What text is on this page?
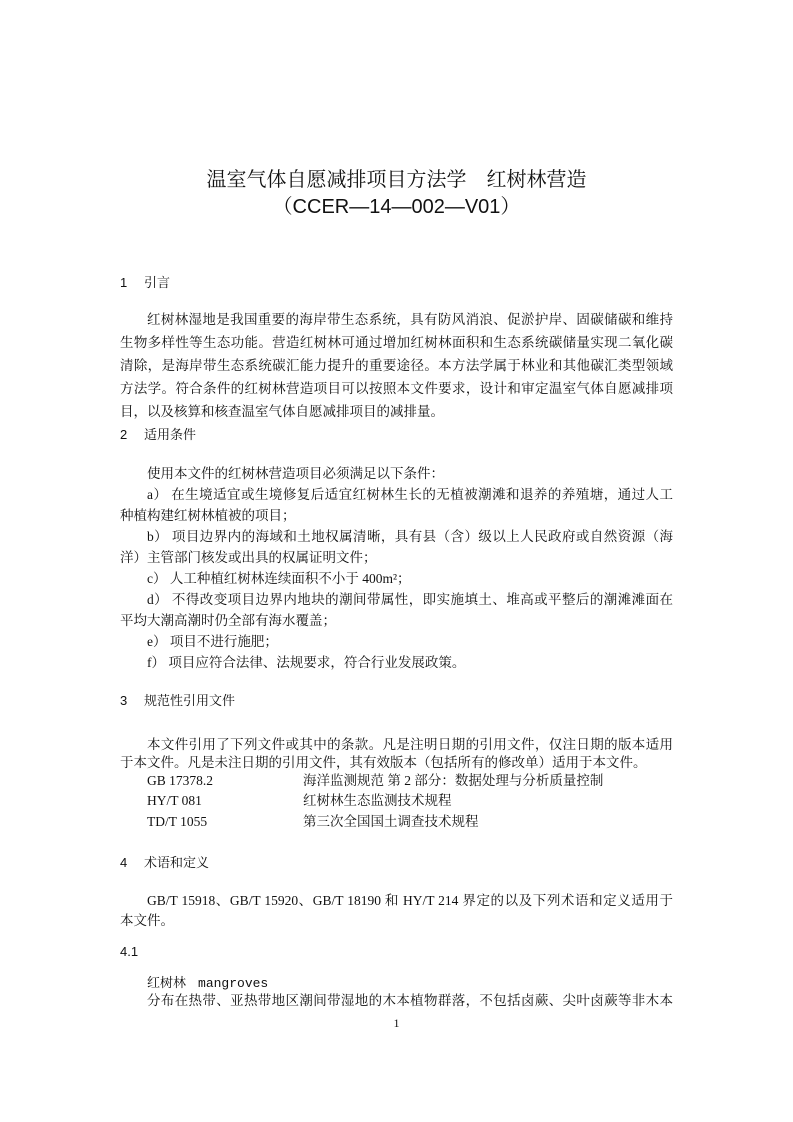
温室气体自愿减排项目方法学　红树林营造
（CCER—14—002—V01）
1 引言
红树林湿地是我国重要的海岸带生态系统，具有防风消浪、促淤护岸、固碳储碳和维持
生物多样性等生态功能。营造红树林可通过增加红树林面积和生态系统碳储量实现二氧化碳
清除，是海岸带生态系统碳汇能力提升的重要途径。本方法学属于林业和其他碳汇类型领域
方法学。符合条件的红树林营造项目可以按照本文件要求，设计和审定温室气体自愿减排项
目，以及核算和核查温室气体自愿减排项目的减排量。
2 适用条件
使用本文件的红树林营造项目必须满足以下条件：
a） 在生境适宜或生境修复后适宜红树林生长的无植被潮滩和退养的养殖塘，通过人工
种植构建红树林植被的项目；
b） 项目边界内的海域和土地权属清晰，具有县（含）级以上人民政府或自然资源（海
洋）主管部门核发或出具的权属证明文件；
c） 人工种植红树林连续面积不小于 400m²；
d） 不得改变项目边界内地块的潮间带属性，即实施填土、堆高或平整后的潮滩滩面在
平均大潮高潮时仍全部有海水覆盖；
e） 项目不进行施肥；
f） 项目应符合法律、法规要求，符合行业发展政策。
3 规范性引用文件
本文件引用了下列文件或其中的条款。凡是注明日期的引用文件，仅注日期的版本适用
于本文件。凡是未注日期的引用文件，其有效版本（包括所有的修改单）适用于本文件。
GB 17378.2	海洋监测规范 第 2 部分：数据处理与分析质量控制
HY/T 081	红树林生态监测技术规程
TD/T 1055	第三次全国国土调查技术规程
4 术语和定义
GB/T 15918、GB/T 15920、GB/T 18190 和 HY/T 214 界定的以及下列术语和定义适用于
本文件。
4.1
红树林 mangroves
分布在热带、亚热带地区潮间带湿地的木本植物群落，不包括卤蕨、尖叶卤蕨等非木本
1
